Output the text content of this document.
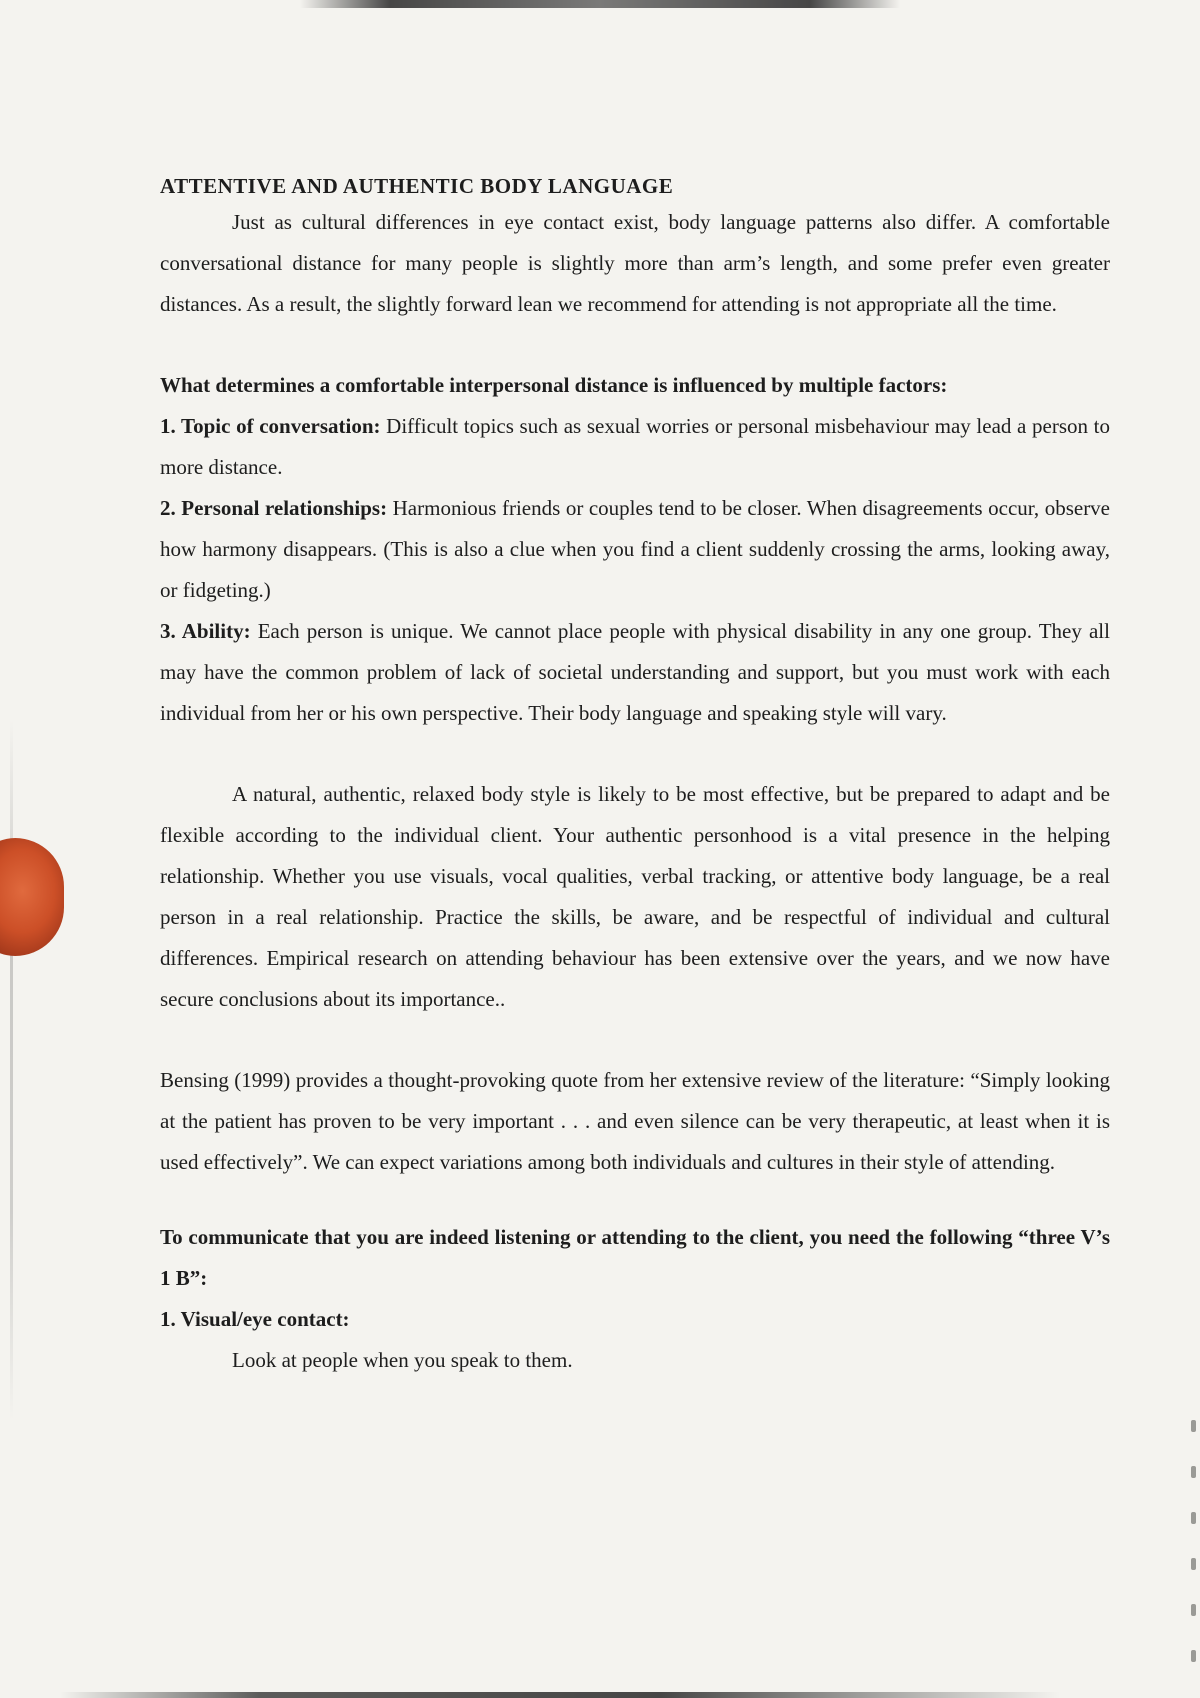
ATTENTIVE AND AUTHENTIC BODY LANGUAGE

Just as cultural differences in eye contact exist, body language patterns also differ. A comfortable conversational distance for many people is slightly more than arm’s length, and some prefer even greater distances. As a result, the slightly forward lean we recommend for attending is not appropriate all the time.

What determines a comfortable interpersonal distance is influenced by multiple factors:

1. Topic of conversation: Difficult topics such as sexual worries or personal misbehaviour may lead a person to more distance.

2. Personal relationships: Harmonious friends or couples tend to be closer. When disagreements occur, observe how harmony disappears. (This is also a clue when you find a client suddenly crossing the arms, looking away, or fidgeting.)

3. Ability: Each person is unique. We cannot place people with physical disability in any one group. They all may have the common problem of lack of societal understanding and support, but you must work with each individual from her or his own perspective. Their body language and speaking style will vary.

A natural, authentic, relaxed body style is likely to be most effective, but be prepared to adapt and be flexible according to the individual client. Your authentic personhood is a vital presence in the helping relationship. Whether you use visuals, vocal qualities, verbal tracking, or attentive body language, be a real person in a real relationship. Practice the skills, be aware, and be respectful of individual and cultural differences. Empirical research on attending behaviour has been extensive over the years, and we now have secure conclusions about its importance..

Bensing (1999) provides a thought-provoking quote from her extensive review of the literature: “Simply looking at the patient has proven to be very important . . . and even silence can be very therapeutic, at least when it is used effectively”. We can expect variations among both individuals and cultures in their style of attending.

To communicate that you are indeed listening or attending to the client, you need the following “three V’s 1 B”:

1. Visual/eye contact:

Look at people when you speak to them.
